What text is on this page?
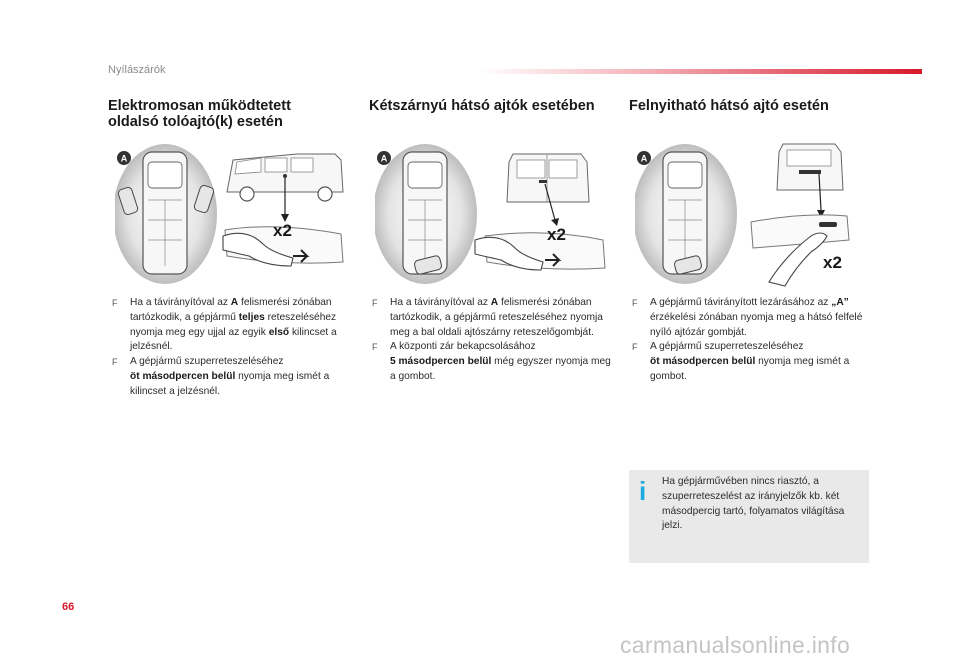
Nyílászárók
Elektromosan működtetett
oldalsó tolóajtó(k) esetén
Kétszárnyú hátsó ajtók esetében	Felnyitható hátsó ajtó esetén
A
x2
A
x2
A
x2
F Ha a távirányítóval az A felismerési zónában tartózkodik, a gépjármű teljes reteszeléséhez nyomja meg egy ujjal az egyik első kilincset a jelzésnél.
F A gépjármű szuperreteszeléséhez
öt másodpercen belül nyomja meg ismét a kilincset a jelzésnél.
F Ha a távirányítóval az A felismerési zónában tartózkodik, a gépjármű reteszeléséhez nyomja meg a bal oldali ajtószárny reteszelőgombját.
F A központi zár bekapcsolásához
5 másodpercen belül még egyszer nyomja meg a gombot.
F A gépjármű távirányított lezárásához az „A” érzékelési zónában nyomja meg a hátsó felfelé nyíló ajtózár gombját.
F A gépjármű szuperreteszeléséhez
öt másodpercen belül nyomja meg ismét a gombot.
i Ha gépjárművében nincs riasztó, a szuperreteszelést az irányjelzők kb. két másodpercig tartó, folyamatos világítása jelzi.
66
carmanualsonline.info
